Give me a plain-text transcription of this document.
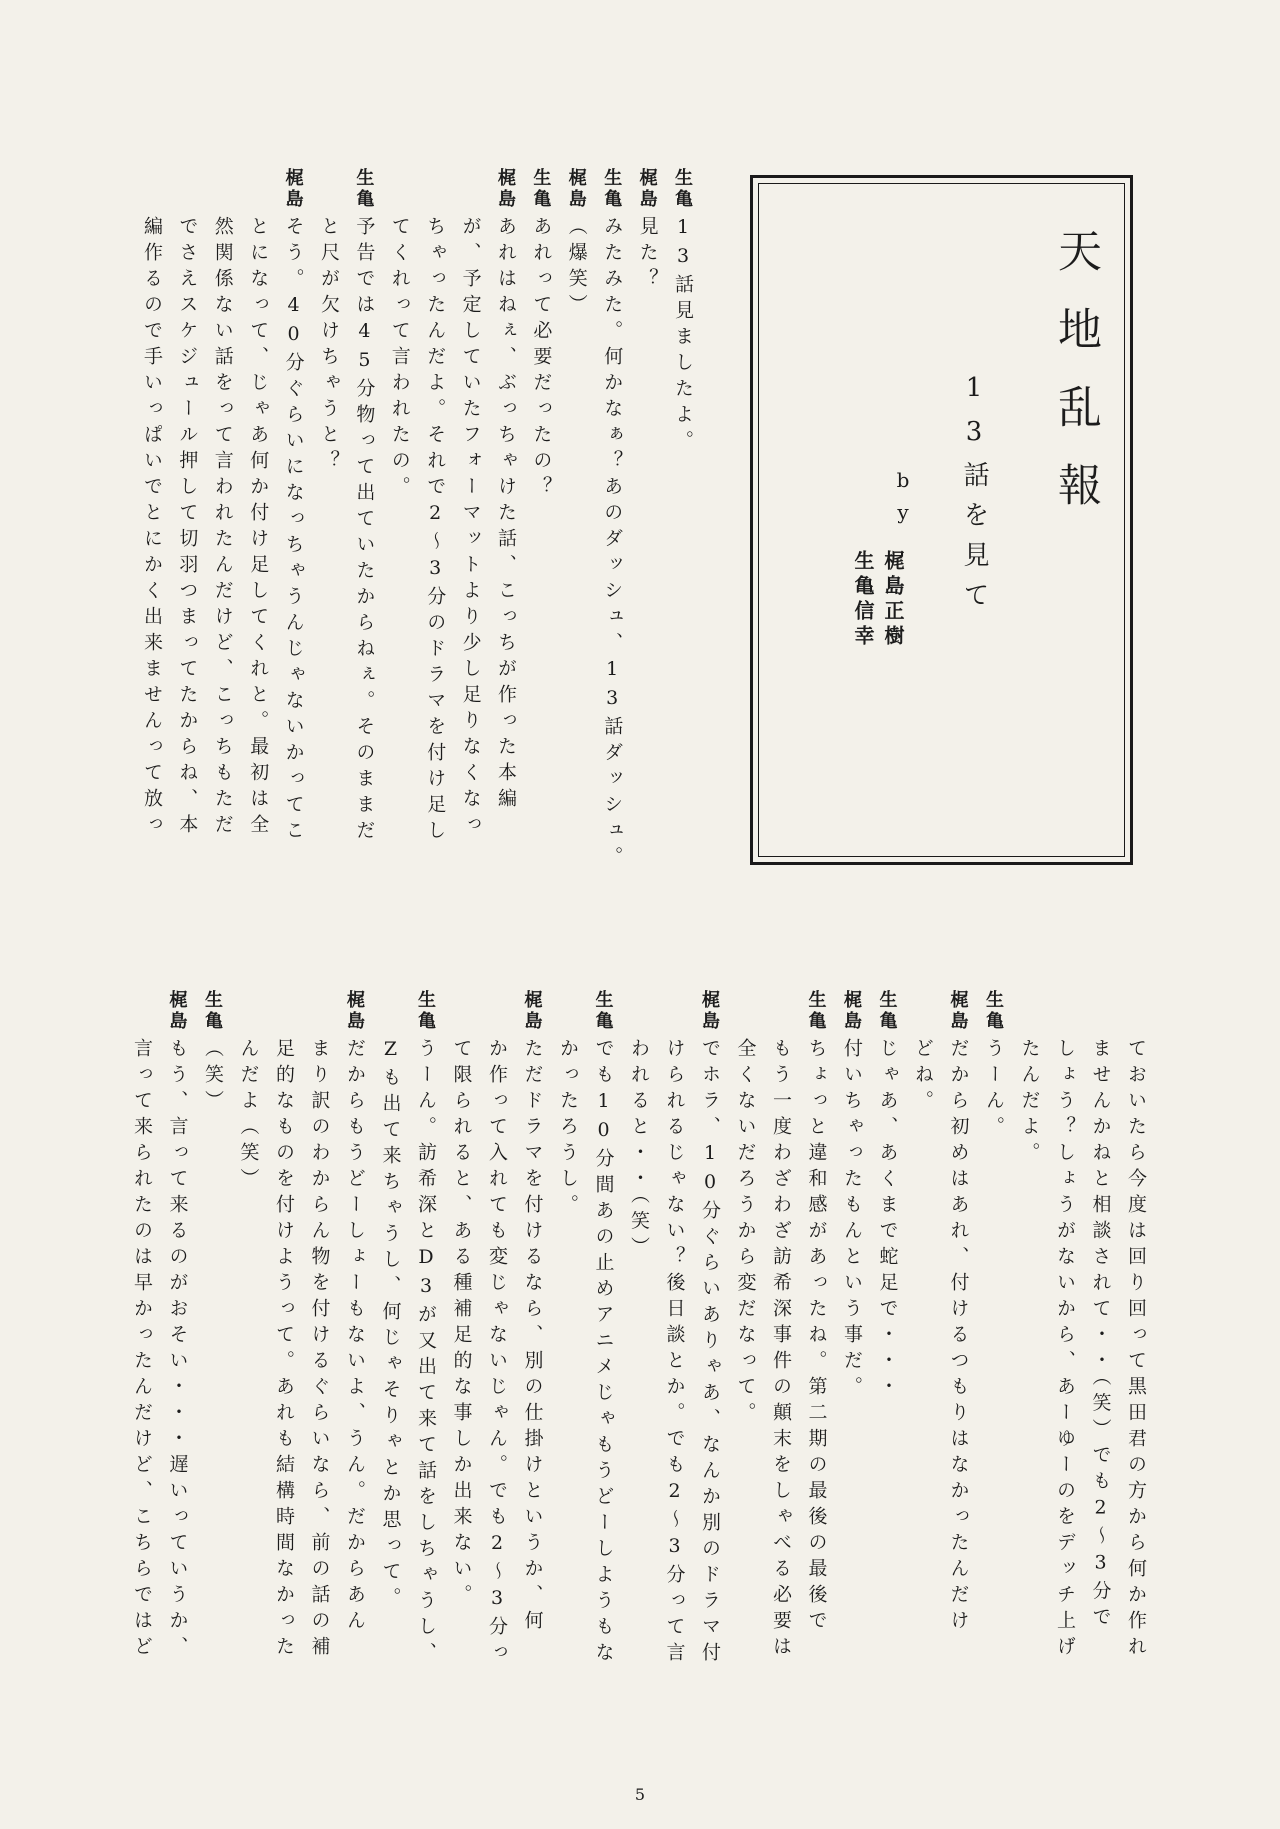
天地乱報
13話を見て
by
梶島正樹
生亀信幸
生亀
13話見ましたよ。
梶島
見た？
生亀
みたみた。何かなぁ？あのダッシュ、13話ダッシュ。
梶島
（爆笑）
生亀
あれって必要だったの？
梶島
あれはねぇ、ぶっちゃけた話、こっちが作った本編
が、予定していたフォーマットより少し足りなくなっ
ちゃったんだよ。それで2～3分のドラマを付け足し
てくれって言われたの。
生亀
予告では45分物って出ていたからねぇ。そのままだ
と尺が欠けちゃうと？
梶島
そう。40分ぐらいになっちゃうんじゃないかってこ
とになって、じゃあ何か付け足してくれと。最初は全
然関係ない話をって言われたんだけど、こっちもただ
でさえスケジュール押して切羽つまってたからね、本
編作るので手いっぱいでとにかく出来ませんって放っ
ておいたら今度は回り回って黒田君の方から何か作れ
ませんかねと相談されて・・（笑）でも2～3分で
しょう？しょうがないから、あーゆーのをデッチ上げ
たんだよ。
生亀
うーん。
梶島
だから初めはあれ、付けるつもりはなかったんだけ
どね。
生亀
じゃあ、あくまで蛇足で・・・
梶島
付いちゃったもんという事だ。
生亀
ちょっと違和感があったね。第二期の最後の最後で
もう一度わざわざ訪希深事件の顛末をしゃべる必要は
全くないだろうから変だなって。
梶島
でホラ、10分ぐらいありゃあ、なんか別のドラマ付
けられるじゃない？後日談とか。でも2～3分って言
われると・・（笑）
生亀
でも10分間あの止めアニメじゃもうどーしようもな
かったろうし。
梶島
ただドラマを付けるなら、別の仕掛けというか、何
か作って入れても変じゃないじゃん。でも2～3分っ
て限られると、ある種補足的な事しか出来ない。
生亀
うーん。訪希深とD3が又出て来て話をしちゃうし、
Zも出て来ちゃうし、何じゃそりゃとか思って。
梶島
だからもうどーしょーもないよ、うん。だからあん
まり訳のわからん物を付けるぐらいなら、前の話の補
足的なものを付けようって。あれも結構時間なかった
んだよ（笑）
生亀
（笑）
梶島
もう、言って来るのがおそい・・・遅いっていうか、
言って来られたのは早かったんだけど、こちらではど
5
